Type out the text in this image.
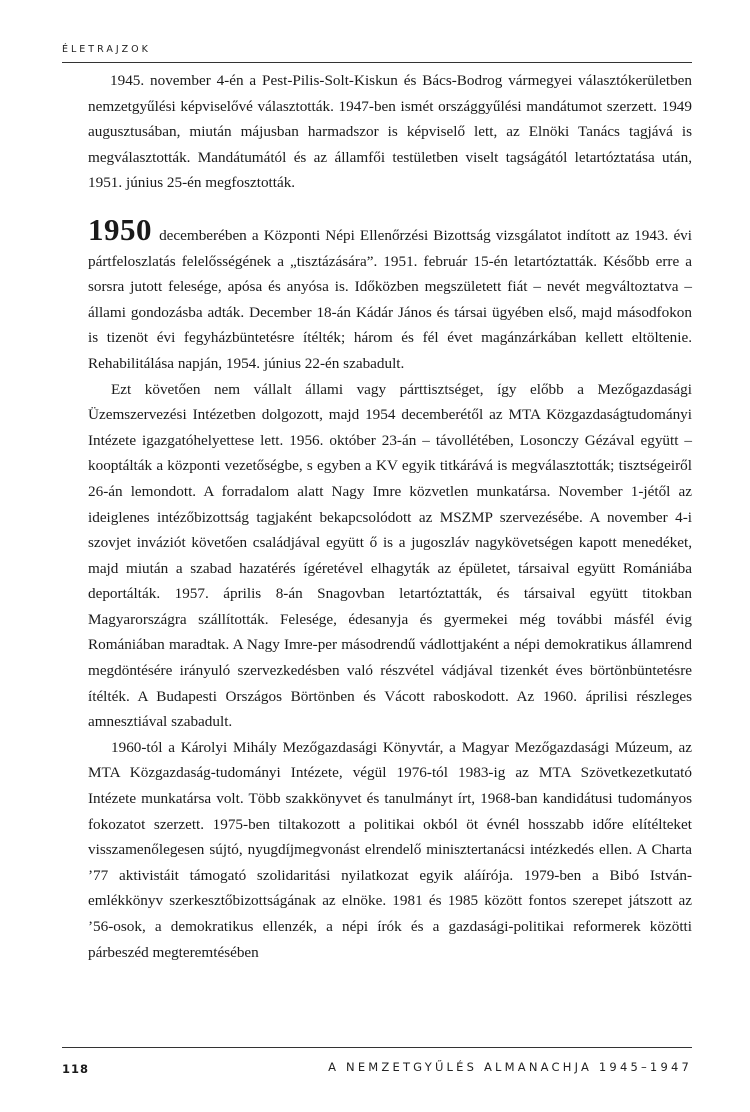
ÉLETRAJZOK

1945. november 4-én a Pest-Pilis-Solt-Kiskun és Bács-Bodrog vármegyei választókerületben nemzetgyűlési képviselővé választották. 1947-ben ismét országgyűlési mandátumot szerzett. 1949 augusztusában, miután májusban harmadszor is képviselő lett, az Elnöki Tanács tagjává is megválasztották. Mandátumától és az államfői testületben viselt tagságától letartóztatása után, 1951. június 25-én megfosztották.

1950 decemberében a Központi Népi Ellenőrzési Bizottság vizsgálatot indított az 1943. évi pártfeloszlatás felelősségének a „tisztázására”. 1951. február 15-én letartóztatták. Később erre a sorsra jutott felesége, apósa és anyósa is. Időközben megszületett fiát – nevét megváltoztatva – állami gondozásba adták. December 18-án Kádár János és társai ügyében első, majd másodfokon is tizenöt évi fegyházbüntetésre ítélték; három és fél évet magánzárkában kellett eltöltenie. Rehabilitálása napján, 1954. június 22-én szabadult.

Ezt követően nem vállalt állami vagy párttisztséget, így előbb a Mezőgazdasági Üzemszervezési Intézetben dolgozott, majd 1954 decemberétől az MTA Közgazdaságtudományi Intézete igazgatóhelyettese lett. 1956. október 23-án – távollétében, Losonczy Gézával együtt – kooptálták a központi vezetőségbe, s egyben a KV egyik titkárává is megválasztották; tisztségeiről 26-án lemondott. A forradalom alatt Nagy Imre közvetlen munkatársa. November 1-jétől az ideiglenes intézőbizottság tagjaként bekapcsolódott az MSZMP szervezésébe. A november 4-i szovjet inváziót követően családjával együtt ő is a jugoszláv nagykövetségen kapott menedéket, majd miután a szabad hazatérés ígéretével elhagyták az épületet, társaival együtt Romániába deportálták. 1957. április 8-án Snagovban letartóztatták, és társaival együtt titokban Magyarországra szállították. Felesége, édesanyja és gyermekei még további másfél évig Romániában maradtak. A Nagy Imre-per másodrendű vádlottjaként a népi demokratikus államrend megdöntésére irányuló szervezkedésben való részvétel vádjával tizenkét éves börtönbüntetésre ítélték. A Budapesti Országos Börtönben és Vácott raboskodott. Az 1960. áprilisi részleges amnesztiával szabadult.

1960-tól a Károlyi Mihály Mezőgazdasági Könyvtár, a Magyar Mezőgazdasági Múzeum, az MTA Közgazdaság-tudományi Intézete, végül 1976-tól 1983-ig az MTA Szövetkezetkutató Intézete munkatársa volt. Több szakkönyvet és tanulmányt írt, 1968-ban kandidátusi tudományos fokozatot szerzett. 1975-ben tiltakozott a politikai okból öt évnél hosszabb időre elítélteket visszamenőlegesen sújtó, nyugdíjmegvonást elrendelő minisztertanácsi intézkedés ellen. A Charta ’77 aktivistáit támogató szolidaritási nyilatkozat egyik aláírója. 1979-ben a Bibó István-emlékkönyv szerkesztőbizottságának az elnöke. 1981 és 1985 között fontos szerepet játszott az ’56-osok, a demokratikus ellenzék, a népi írók és a gazdasági-politikai reformerek közötti párbeszéd megteremtésében

118	A NEMZETGYŰLÉS ALMANACHJA 1945–1947
